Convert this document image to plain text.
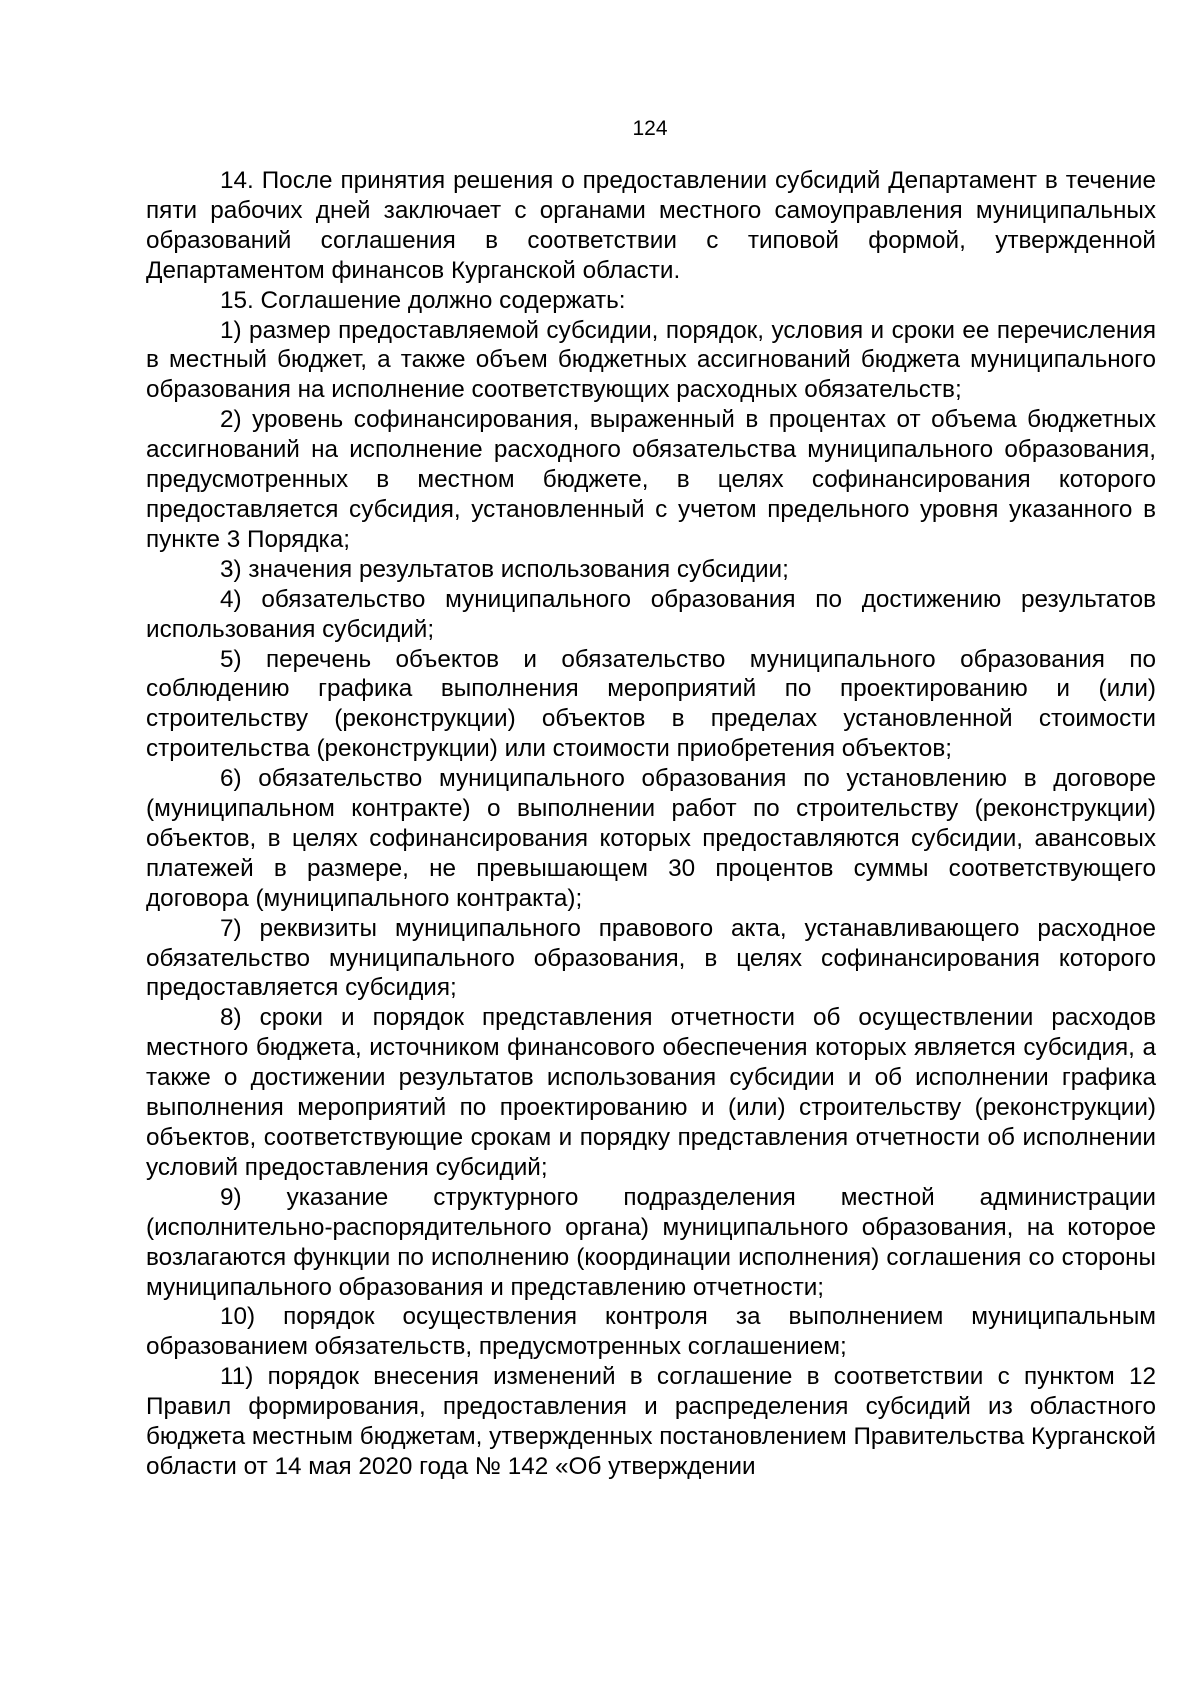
124

14. После принятия решения о предоставлении субсидий Департамент в течение пяти рабочих дней заключает с органами местного самоуправления муниципальных образований соглашения в соответствии с типовой формой, утвержденной Департаментом финансов Курганской области.

15. Соглашение должно содержать:

1) размер предоставляемой субсидии, порядок, условия и сроки ее перечисления в местный бюджет, а также объем бюджетных ассигнований бюджета муниципального образования на исполнение соответствующих расходных обязательств;

2) уровень софинансирования, выраженный в процентах от объема бюджетных ассигнований на исполнение расходного обязательства муниципального образования, предусмотренных в местном бюджете, в целях софинансирования которого предоставляется субсидия, установленный с учетом предельного уровня указанного в пункте 3 Порядка;

3) значения результатов использования субсидии;

4) обязательство муниципального образования по достижению результатов использования субсидий;

5) перечень объектов и обязательство муниципального образования по соблюдению графика выполнения мероприятий по проектированию и (или) строительству (реконструкции) объектов в пределах установленной стоимости строительства (реконструкции) или стоимости приобретения объектов;

6) обязательство муниципального образования по установлению в договоре (муниципальном контракте) о выполнении работ по строительству (реконструкции) объектов, в целях софинансирования которых предоставляются субсидии, авансовых платежей в размере, не превышающем 30 процентов суммы соответствующего договора (муниципального контракта);

7) реквизиты муниципального правового акта, устанавливающего расходное обязательство муниципального образования, в целях софинансирования которого предоставляется субсидия;

8) сроки и порядок представления отчетности об осуществлении расходов местного бюджета, источником финансового обеспечения которых является субсидия, а также о достижении результатов использования субсидии и об исполнении графика выполнения мероприятий по проектированию и (или) строительству (реконструкции) объектов, соответствующие срокам и порядку представления отчетности об исполнении условий предоставления субсидий;

9) указание структурного подразделения местной администрации (исполнительно-распорядительного органа) муниципального образования, на которое возлагаются функции по исполнению (координации исполнения) соглашения со стороны муниципального образования и представлению отчетности;

10) порядок осуществления контроля за выполнением муниципальным образованием обязательств, предусмотренных соглашением;

11) порядок внесения изменений в соглашение в соответствии с пунктом 12 Правил формирования, предоставления и распределения субсидий из областного бюджета местным бюджетам, утвержденных постановлением Правительства Курганской области от 14 мая 2020 года № 142 «Об утверждении
